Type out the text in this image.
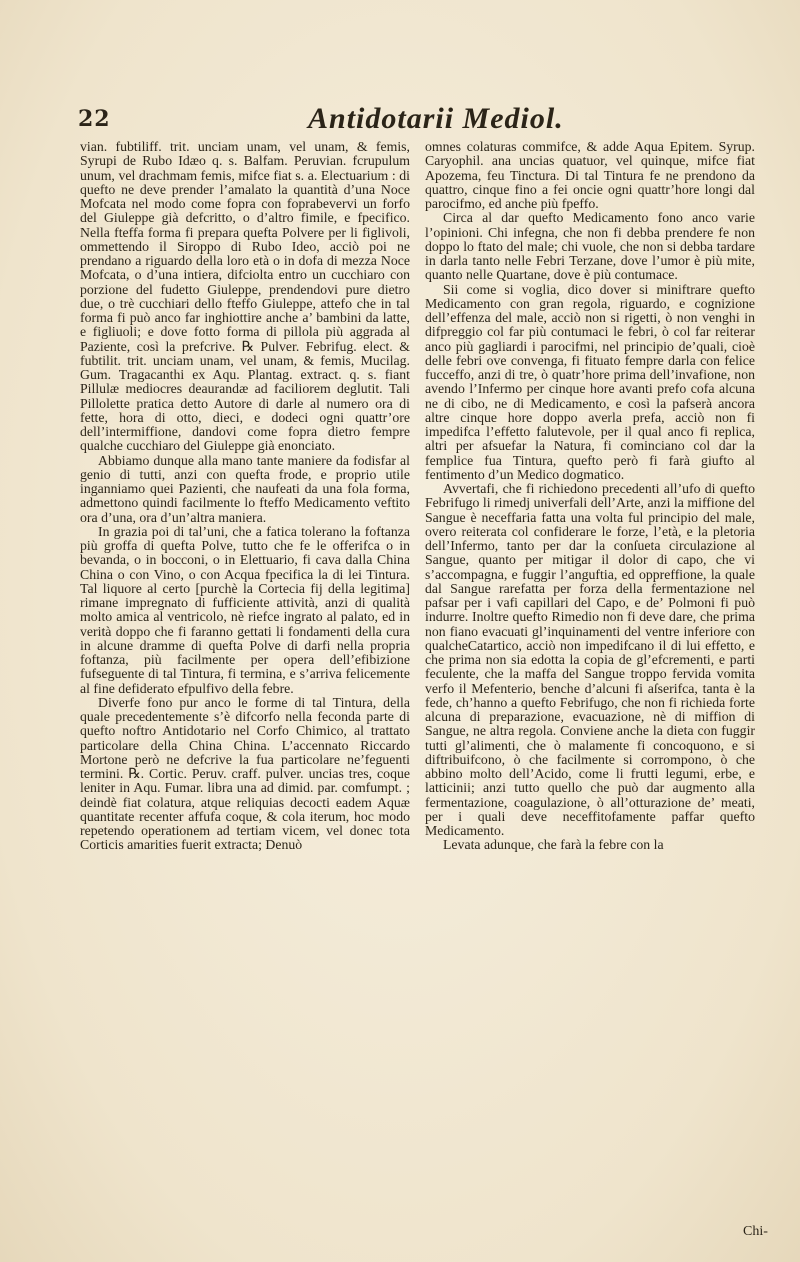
22	Antidotarii Mediol.

vian. fubtiliff. trit. unciam unam, vel unam, & femis, Syrupi de Rubo Idæo q. s. Balfam. Peruvian. fcrupulum unum, vel drachmam femis, mifce fiat s. a. Electuarium : di quefto ne deve prender l’amalato la quantità d’una Noce Mofcata nel modo come fopra con foprabevervi un forfo del Giuleppe già defcritto, o d’altro fimile, e fpecifico. Nella fteffa forma fi prepara quefta Polvere per li figlivoli, ommettendo il Siroppo di Rubo Ideo, acciò poi ne prendano a riguardo della loro età o in dofa di mezza Noce Mofcata, o d’una intiera, difciolta entro un cucchiaro con porzione del fudetto Giuleppe, prendendovi pure dietro due, o trè cucchiari dello fteffo Giuleppe, attefo che in tal forma fi può anco far inghiottire anche a’ bambini da latte, e figliuoli; e dove fotto forma di pillola più aggrada al Paziente, così la prefcrive. ℞ Pulver. Febrifug. elect. & fubtilit. trit. unciam unam, vel unam, & femis, Mucilag. Gum. Tragacanthi ex Aqu. Plantag. extract. q. s. fiant Pillulæ mediocres deaurandæ ad faciliorem deglutit. Tali Pillolette pratica detto Autore di darle al numero ora di fette, hora di otto, dieci, e dodeci ogni quattr’ore dell’intermiffione, dandovi come fopra dietro fempre qualche cucchiaro del Giuleppe già enonciato.

Abbiamo dunque alla mano tante maniere da fodisfar al genio di tutti, anzi con quefta frode, e proprio utile inganniamo quei Pazienti, che naufeati da una fola forma, admettono quindi facilmente lo fteffo Medicamento veftito ora d’una, ora d’un’altra maniera.

In grazia poi di tal’uni, che a fatica tolerano la foftanza più groffa di quefta Polve, tutto che fe le offerifca o in bevanda, o in bocconi, o in Elettuario, fi cava dalla China China o con Vino, o con Acqua fpecifica la di lei Tintura. Tal liquore al certo [purchè la Cortecia fij della legitima] rimane impregnato di fufficiente attività, anzi di qualità molto amica al ventricolo, nè riefce ingrato al palato, ed in verità doppo che fi faranno gettati li fondamenti della cura in alcune dramme di quefta Polve di darfi nella propria foftanza, più facilmente per opera dell’efibizione fufseguente di tal Tintura, fi termina, e s’arriva felicemente al fine defiderato efpulfivo della febre.

Diverfe fono pur anco le forme di tal Tintura, della quale precedentemente s’è difcorfo nella feconda parte di quefto noftro Antidotario nel Corfo Chimico, al trattato particolare della China China. L’accennato Riccardo Mortone però ne defcrive la fua particolare ne’feguenti termini. ℞. Cortic. Peruv. craff. pulver. uncias tres, coque leniter in Aqu. Fumar. libra una ad dimid. par. comfumpt. ; deindè fiat colatura, atque reliquias decocti eadem Aquæ quantitate recenter affufa coque, & cola iterum, hoc modo repetendo operationem ad tertiam vicem, vel donec tota Corticis amarities fuerit extracta; Denuò

omnes colaturas commifce, & adde Aqua Epitem. Syrup. Caryophil. ana uncias quatuor, vel quinque, mifce fiat Apozema, feu Tinctura. Di tal Tintura fe ne prendono da quattro, cinque fino a fei oncie ogni quattr’hore longi dal parocifmo, ed anche più fpeffo.

Circa al dar quefto Medicamento fono anco varie l’opinioni. Chi infegna, che non fi debba prendere fe non doppo lo ftato del male; chi vuole, che non si debba tardare in darla tanto nelle Febri Terzane, dove l’umor è più mite, quanto nelle Quartane, dove è più contumace.

Sii come si voglia, dico dover si miniftrare quefto Medicamento con gran regola, riguardo, e cognizione dell’effenza del male, acciò non si rigetti, ò non venghi in difpreggio col far più contumaci le febri, ò col far reiterar anco più gagliardi i parocifmi, nel principio de’quali, cioè delle febri ove convenga, fi fituato fempre darla con felice fucceffo, anzi di tre, ò quatr’hore prima dell’invafione, non avendo l’Infermo per cinque hore avanti prefo cofa alcuna ne di cibo, ne di Medicamento, e così la pafserà ancora altre cinque hore doppo averla prefa, acciò non fi impedifca l’effetto falutevole, per il qual anco fi replica, altri per afsuefar la Natura, fi cominciano col dar la femplice fua Tintura, quefto però fi farà giufto al fentimento d’un Medico dogmatico.

Avvertafi, che fi richiedono precedenti all’ufo di quefto Febrifugo li rimedj univerfali dell’Arte, anzi la miffione del Sangue è neceffaria fatta una volta ful principio del male, overo reiterata col confiderare le forze, l’età, e la pletoria dell’Infermo, tanto per dar la conſueta circulazione al Sangue, quanto per mitigar il dolor di capo, che vi s’accompagna, e fuggir l’anguftia, ed oppreffione, la quale dal Sangue rarefatta per forza della fermentazione nel pafsar per i vafi capillari del Capo, e de’ Polmoni fi può indurre. Inoltre quefto Rimedio non fi deve dare, che prima non fiano evacuati gl’inquinamenti del ventre inferiore con qualcheCatartico, acciò non impedifcano il di lui effetto, e che prima non sia edotta la copia de gl’efcrementi, e parti feculente, che la maffa del Sangue troppo fervida vomita verfo il Mefenterio, benche d’alcuni fi aſserifca, tanta è la fede, ch’hanno a quefto Febrifugo, che non fi richieda forte alcuna di preparazione, evacuazione, nè di miffion di Sangue, ne altra regola. Conviene anche la dieta con fuggir tutti gl’alimenti, che ò malamente fi concoquono, e si diftribuifcono, ò che facilmente si corrompono, ò che abbino molto dell’Acido, come li frutti legumi, erbe, e latticinii; anzi tutto quello che può dar augmento alla fermentazione, coagulazione, ò all’otturazione de’ meati, per i quali deve neceffitofamente paffar quefto Medicamento.

Levata adunque, che farà la febre con la

Chi-
